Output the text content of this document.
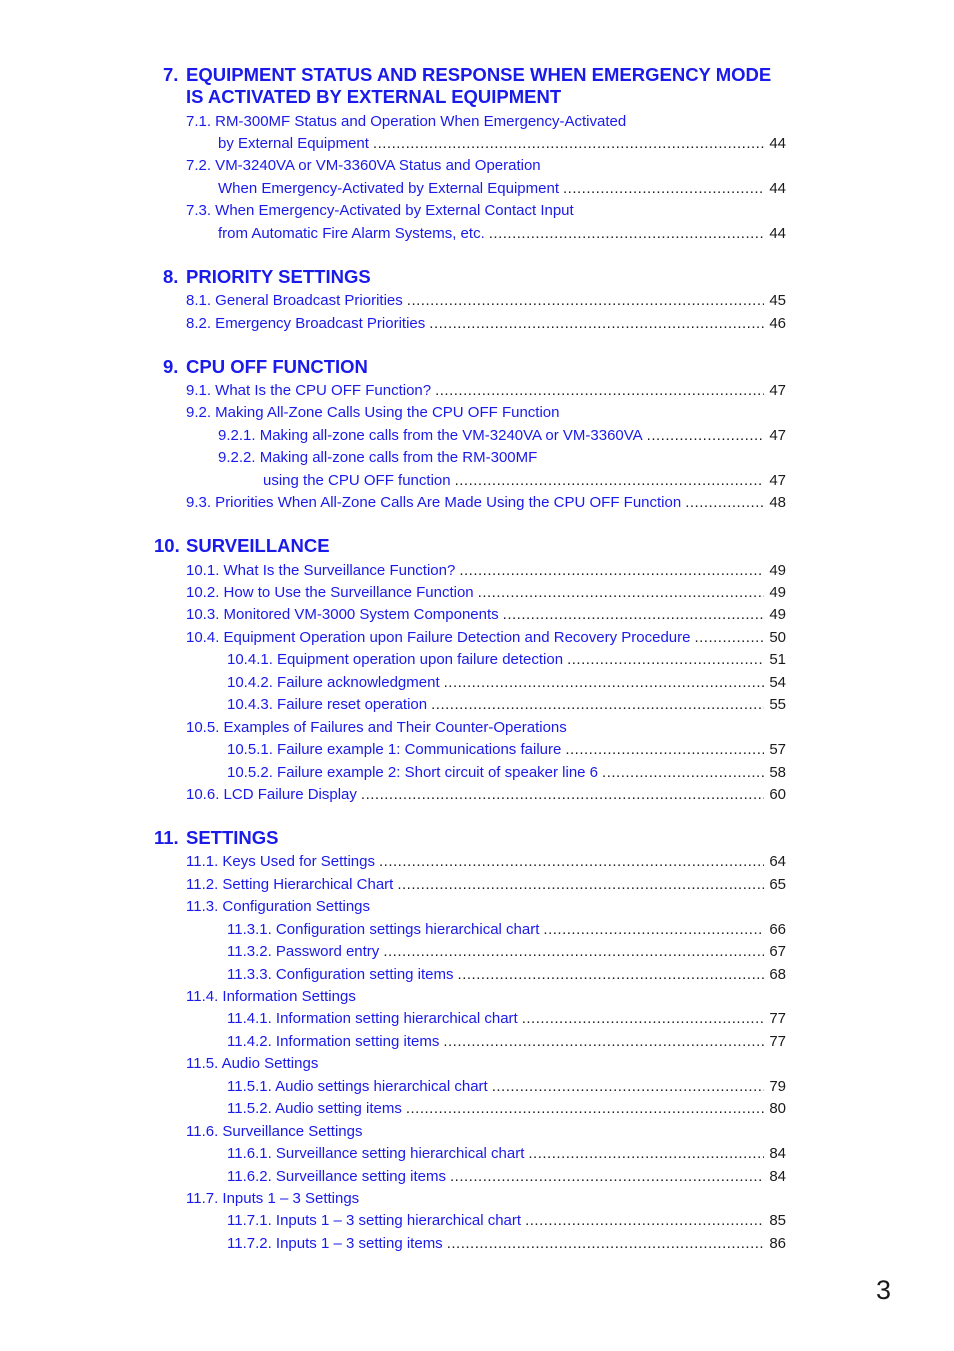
7. EQUIPMENT STATUS AND RESPONSE WHEN EMERGENCY MODE
IS ACTIVATED BY EXTERNAL EQUIPMENT
7.1. RM-300MF Status and Operation When Emergency-Activated
by External Equipment .....	44
7.2. VM-3240VA or VM-3360VA Status and Operation
When Emergency-Activated by External Equipment .....	44
7.3. When Emergency-Activated by External Contact Input
from Automatic Fire Alarm Systems, etc. .....	44
8. PRIORITY SETTINGS
8.1. General Broadcast Priorities .....	45
8.2. Emergency Broadcast Priorities .....	46
9. CPU OFF FUNCTION
9.1. What Is the CPU OFF Function? .....	47
9.2. Making All-Zone Calls Using the CPU OFF Function
9.2.1. Making all-zone calls from the VM-3240VA or VM-3360VA .....	47
9.2.2. Making all-zone calls from the RM-300MF
using the CPU OFF function .....	47
9.3. Priorities When All-Zone Calls Are Made Using the CPU OFF Function .....	48
10. SURVEILLANCE
10.1. What Is the Surveillance Function? .....	49
10.2. How to Use the Surveillance Function .....	49
10.3. Monitored VM-3000 System Components .....	49
10.4. Equipment Operation upon Failure Detection and Recovery Procedure .....	50
10.4.1. Equipment operation upon failure detection .....	51
10.4.2. Failure acknowledgment .....	54
10.4.3. Failure reset operation .....	55
10.5. Examples of Failures and Their Counter-Operations
10.5.1. Failure example 1: Communications failure .....	57
10.5.2. Failure example 2: Short circuit of speaker line 6 .....	58
10.6. LCD Failure Display .....	60
11. SETTINGS
11.1. Keys Used for Settings .....	64
11.2. Setting Hierarchical Chart .....	65
11.3. Configuration Settings
11.3.1. Configuration settings hierarchical chart .....	66
11.3.2. Password entry .....	67
11.3.3. Configuration setting items .....	68
11.4. Information Settings
11.4.1. Information setting hierarchical chart .....	77
11.4.2. Information setting items .....	77
11.5. Audio Settings
11.5.1. Audio settings hierarchical chart .....	79
11.5.2. Audio setting items .....	80
11.6. Surveillance Settings
11.6.1. Surveillance setting hierarchical chart .....	84
11.6.2. Surveillance setting items .....	84
11.7. Inputs 1 – 3 Settings
11.7.1. Inputs 1 – 3 setting hierarchical chart .....	85
11.7.2. Inputs 1 – 3 setting items .....	86
3
